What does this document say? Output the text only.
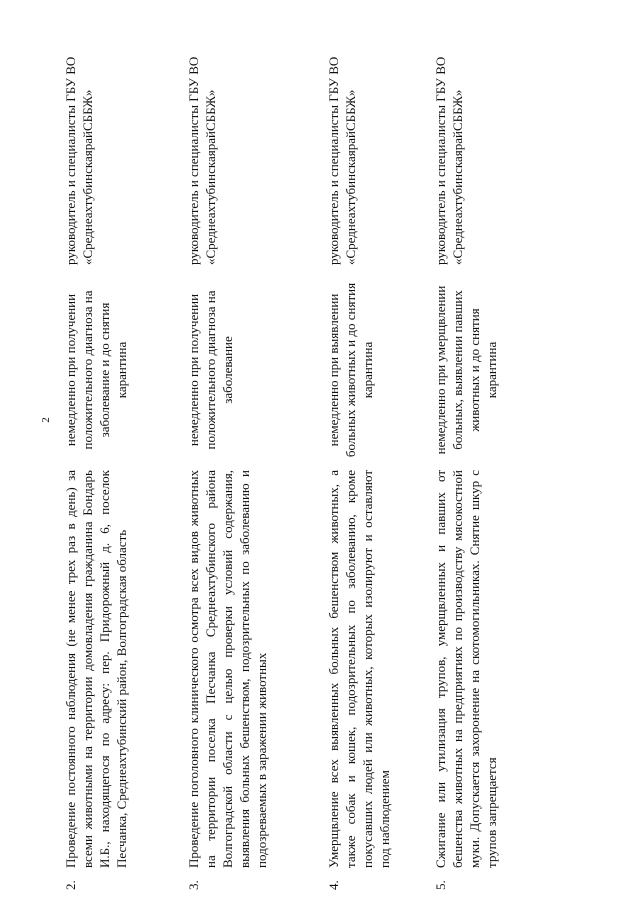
2
2.
Проведение постоянного наблюдения (не менее трех раз в день) за всеми животными на территории домовладения гражданина Бондарь И.Б., находящегося по адресу: пер. Придорожный д. 6, поселок Песчанка, Среднеахтубинский район, Волгоградская область
немедленно при получении положительного диагноза на заболевание и до снятия карантина
руководитель и специалисты ГБУ ВО «СреднеахтубинскаярайСББЖ»
3.
Проведение поголовного клинического осмотра всех видов животных на территории поселка Песчанка Среднеахтубинского района Волгоградской области с целью проверки условий содержания, выявления больных бешенством, подозрительных по заболеванию и подозреваемых в заражении животных
немедленно при получении положительного диагноза на заболевание
руководитель и специалисты ГБУ ВО «СреднеахтубинскаярайСББЖ»
4.
Умерщвление всех выявленных больных бешенством животных, а также собак и кошек, подозрительных по заболеванию, кроме покусавших людей или животных, которых изолируют и оставляют под наблюдением
немедленно при выявлении больных животных и до снятия карантина
руководитель и специалисты ГБУ ВО «СреднеахтубинскаярайСББЖ»
5.
Сжигание или утилизация трупов, умерщвленных и павших от бешенства животных на предприятиях по производству мясокостной муки. Допускается захоронение на скотомогильниках. Снятие шкур с трупов запрещается
немедленно при умерщвлении больных, выявлении павших животных и до снятия карантина
руководитель и специалисты ГБУ ВО «СреднеахтубинскаярайСББЖ»
